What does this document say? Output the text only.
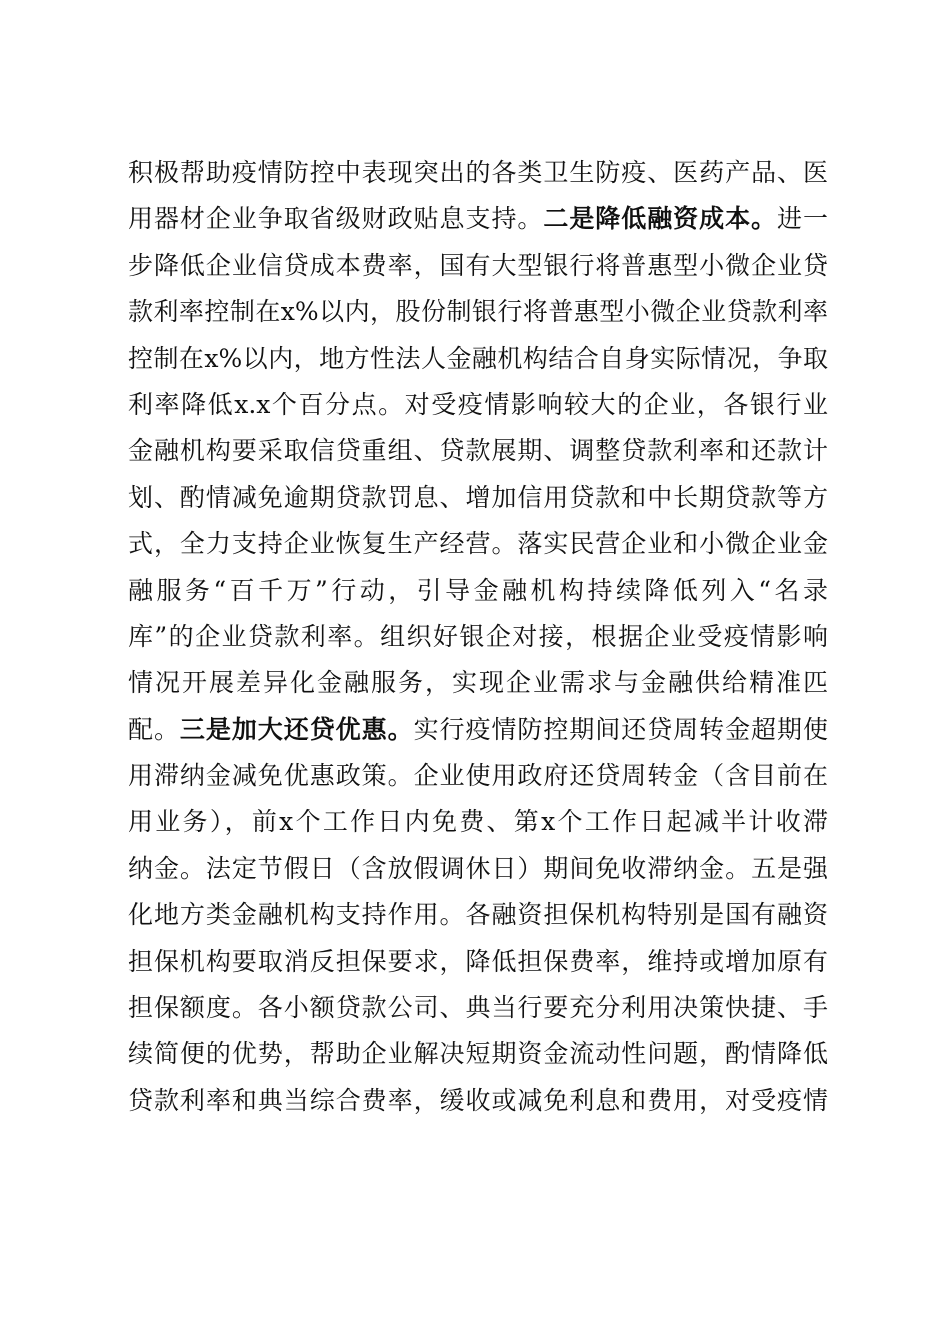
积极帮助疫情防控中表现突出的各类卫生防疫、医药产品、医
用器材企业争取省级财政贴息支持。二是降低融资成本。进一
步降低企业信贷成本费率，国有大型银行将普惠型小微企业贷
款利率控制在x%以内，股份制银行将普惠型小微企业贷款利率
控制在x%以内，地方性法人金融机构结合自身实际情况，争取
利率降低x.x个百分点。对受疫情影响较大的企业，各银行业
金融机构要采取信贷重组、贷款展期、调整贷款利率和还款计
划、酌情减免逾期贷款罚息、增加信用贷款和中长期贷款等方
式，全力支持企业恢复生产经营。落实民营企业和小微企业金
融服务“百千万”行动，引导金融机构持续降低列入“名录
库”的企业贷款利率。组织好银企对接，根据企业受疫情影响
情况开展差异化金融服务，实现企业需求与金融供给精准匹
配。三是加大还贷优惠。实行疫情防控期间还贷周转金超期使
用滞纳金减免优惠政策。企业使用政府还贷周转金（含目前在
用业务），前x个工作日内免费、第x个工作日起减半计收滞
纳金。法定节假日（含放假调休日）期间免收滞纳金。五是强
化地方类金融机构支持作用。各融资担保机构特别是国有融资
担保机构要取消反担保要求，降低担保费率，维持或增加原有
担保额度。各小额贷款公司、典当行要充分利用决策快捷、手
续简便的优势，帮助企业解决短期资金流动性问题，酌情降低
贷款利率和典当综合费率，缓收或减免利息和费用，对受疫情
